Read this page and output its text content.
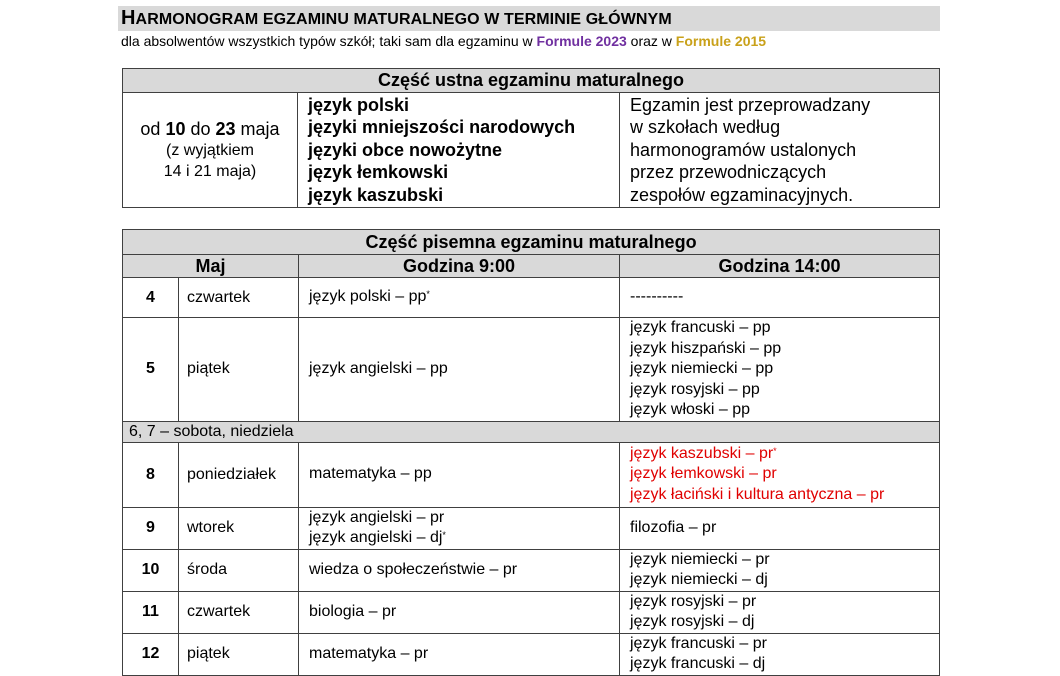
HARMONOGRAM EGZAMINU MATURALNEGO W TERMINIE GŁÓWNYM
dla absolwentów wszystkich typów szkół; taki sam dla egzaminu w Formule 2023 oraz w Formule 2015
Część ustna egzaminu maturalnego

od 10 do 23 maja
(z wyjątkiem
14 i 21 maja)

język polski
języki mniejszości narodowych
języki obce nowożytne
język łemkowski
język kaszubski

Egzamin jest przeprowadzany
w szkołach według
harmonogramów ustalonych
przez przewodniczących
zespołów egzaminacyjnych.
Część pisemna egzaminu maturalnego			
Maj		Godzina 9:00	Godzina 14:00
4	czwartek	język polski – pp*	----------
5	piątek	język angielski – pp	język francuski – pp
język hiszpański – pp
język niemiecki – pp
język rosyjski – pp
język włoski – pp

6, 7 – sobota, niedziela			
8	poniedziałek	matematyka – pp	język kaszubski – pr*
język łemkowski – pr
język łaciński i kultura antyczna – pr

9	wtorek	język angielski – pr
język angielski – dj*	filozofia – pr
10	środa	wiedza o społeczeństwie – pr	język niemiecki – pr
język niemiecki – dj

11	czwartek	biologia – pr	język rosyjski – pr
język rosyjski – dj

12	piątek	matematyka – pr	język francuski – pr
język francuski – dj
